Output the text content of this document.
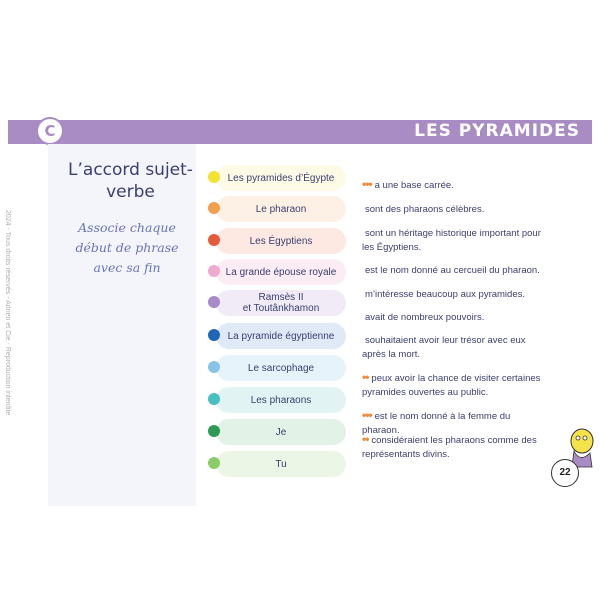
LES PYRAMIDES
C
L’accord sujet-verbe
Associe chaque début de phrase avec sa fin
2024 - Tous droits réservés - Adrien et Cie - Reproduction interdite
Les pyramides d’Égypte
Le pharaon
Les Égyptiens
La grande épouse royale
Ramsès II
et Toutânkhamon
La pyramide égyptienne
Le sarcophage
Les pharaons
Je
Tu
••• a une base carrée.
sont des pharaons célèbres.
sont un héritage historique important pour les Égyptiens.
est le nom donné au cercueil du pharaon.
m’intéresse beaucoup aux pyramides.
avait de nombreux pouvoirs.
souhaitaient avoir leur trésor avec eux après la mort.
•• peux avoir la chance de visiter certaines pyramides ouvertes au public.
••• est le nom donné à la femme du pharaon.
•• considéraient les pharaons comme des représentants divins.
22
